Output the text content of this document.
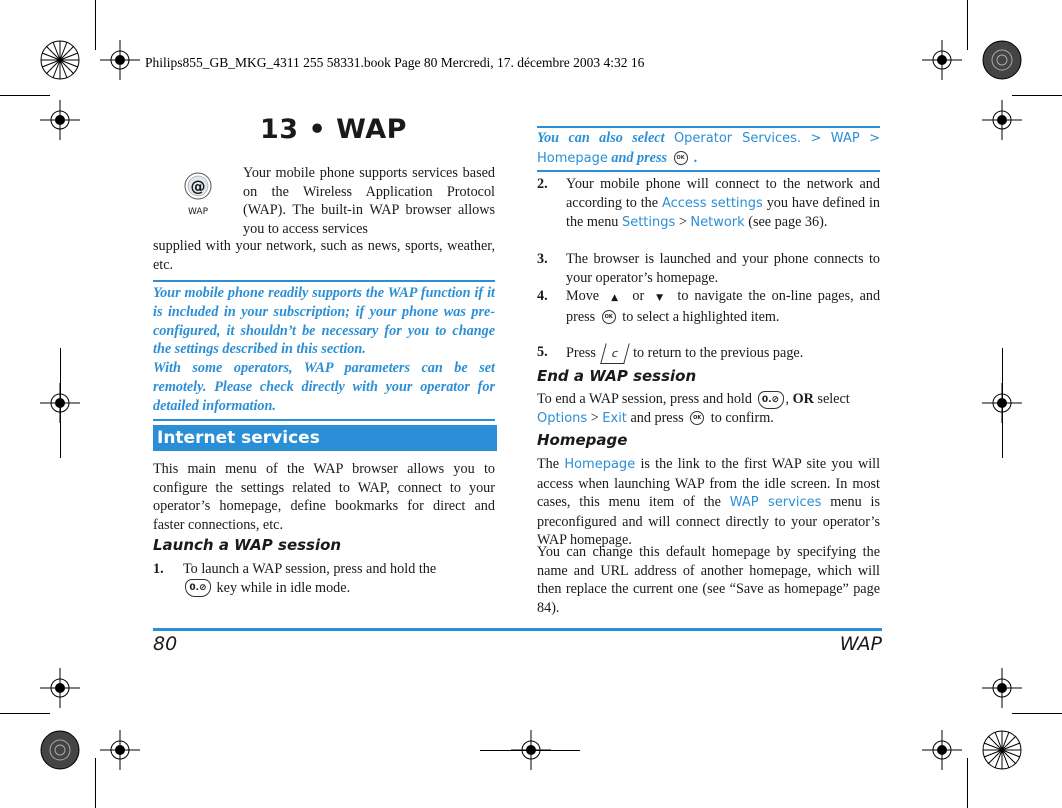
Philips855_GB_MKG_4311 255 58331.book Page 80 Mercredi, 17. décembre 2003 4:32 16
13 • WAP
@
WAP
Your mobile phone supports services based on the Wireless Application Protocol (WAP). The built-in WAP browser allows you to access services
supplied with your network, such as news, sports, weather, etc.
Your mobile phone readily supports the WAP function if it is included in your subscription; if your phone was pre-configured, it shouldn’t be necessary for you to change the settings described in this section.
With some operators, WAP parameters can be set remotely. Please check directly with your operator for detailed information.
Internet services
This main menu of the WAP browser allows you to configure the settings related to WAP, connect to your operator’s homepage, define bookmarks for direct and faster connections, etc.
Launch a WAP session
1. To launch a WAP session, press and hold the
0.⊘ key while in idle mode.
You can also select Operator Services. > WAP > Homepage and press OK .
2. Your mobile phone will connect to the network and according to the Access settings you have defined in the menu Settings > Network (see page 36).
3. The browser is launched and your phone connects to your operator’s homepage.
4. Move ▲ or ▼ to navigate the on-line pages, and press OK to select a highlighted item.
5. Press c to return to the previous page.
End a WAP session
To end a WAP session, press and hold 0.⊘ , OR select Options > Exit and press OK to confirm.
Homepage
The Homepage is the link to the first WAP site you will access when launching WAP from the idle screen. In most cases, this menu item of the WAP services menu is preconfigured and will connect directly to your operator’s WAP homepage.
You can change this default homepage by specifying the name and URL address of another homepage, which will then replace the current one (see “Save as homepage” page 84).
80	WAP
